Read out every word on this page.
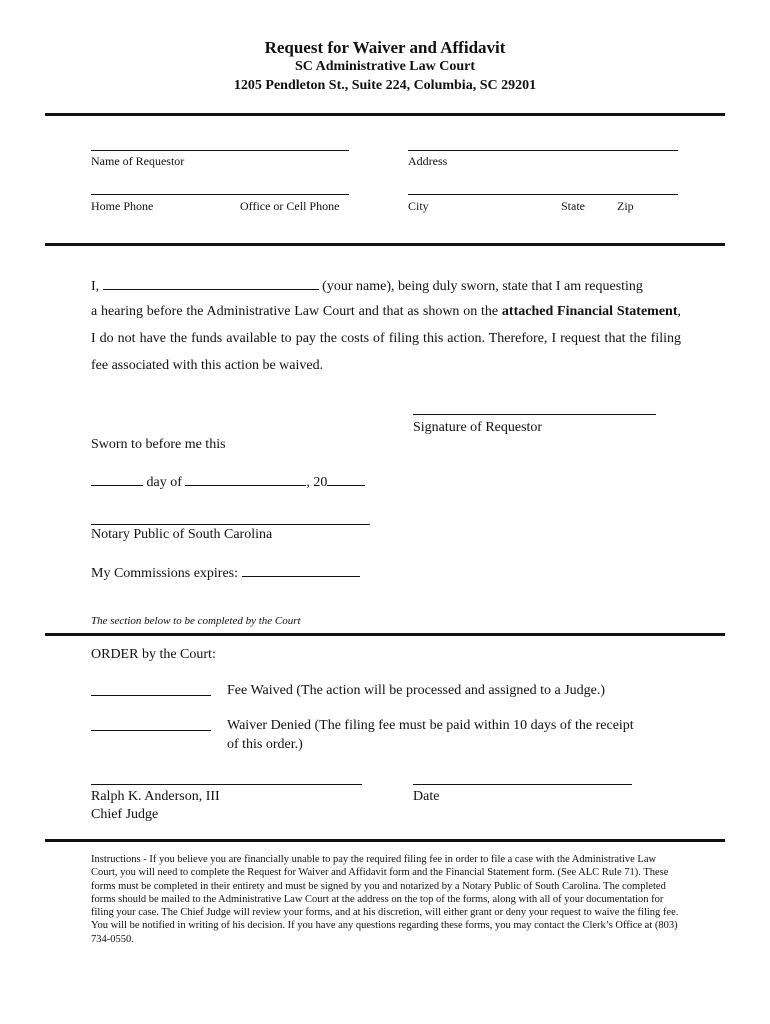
Request for Waiver and Affidavit
SC Administrative Law Court
1205 Pendleton St., Suite 224, Columbia, SC 29201
Name of Requestor	Address
Home Phone	Office or Cell Phone	City	State	Zip
I,	(your name), being duly sworn, state that I am requesting
a hearing before the Administrative Law Court and that as shown on the attached Financial Statement, I do not have the funds available to pay the costs of filing this action. Therefore, I request that the filing fee associated with this action be waived.
Signature of Requestor
Sworn to before me this
day of	, 20
Notary Public of South Carolina
My Commissions expires:
The section below to be completed by the Court
ORDER by the Court:
Fee Waived (The action will be processed and assigned to a Judge.)
Waiver Denied (The filing fee must be paid within 10 days of the receipt
of this order.)
Ralph K. Anderson, III	Date
Chief Judge
Instructions - If you believe you are financially unable to pay the required filing fee in order to file a case with the Administrative Law Court, you will need to complete the Request for Waiver and Affidavit form and the Financial Statement form. (See ALC Rule 71). These forms must be completed in their entirety and must be signed by you and notarized by a Notary Public of South Carolina. The completed forms should be mailed to the Administrative Law Court at the address on the top of the forms, along with all of your documentation for filing your case. The Chief Judge will review your forms, and at his discretion, will either grant or deny your request to waive the filing fee. You will be notified in writing of his decision. If you have any questions regarding these forms, you may contact the Clerk’s Office at (803) 734-0550.
